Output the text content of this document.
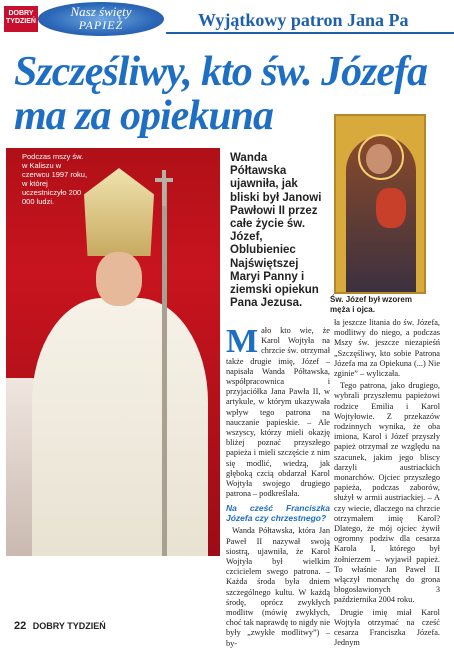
DOBRY
TYDZIEŃ
Nasz święty
PAPIEŻ	Wyjątkowy patron Jana Pa
Szczęśliwy, kto św. Józefa ma za opiekuna
Podczas mszy św. w Kaliszu w czerwcu 1997 roku, w której uczestniczyło 200 000 ludzi.
Wanda Półtawska ujawniła, jak bliski był Janowi Pawłowi II przez całe życie św. Józef, Oblubieniec Najświętszej Maryi Panny i ziemski opiekun Pana Jezusa.	Św. Józef był wzorem męża i ojca.

Mało kto wie, że Karol Wojtyła na chrzcie św. otrzymał także drugie imię, Józef – napisała Wanda Półtawska, współpracownica i przyjaciółka Jana Pawła II, w artykule, w którym ukazywała wpływ tego patrona na nauczanie papieskie. – Ale wszyscy, którzy mieli okazję bliżej poznać przyszłego papieża i mieli szczęście z nim się modlić, wiedzą, jak głęboką czcią obdarzał Karol Wojtyła swojego drugiego patrona – podkreślała.

Na cześć Franciszka Józefa czy chrzestnego?

Wanda Półtawska, która Jan Paweł II nazywał swoją siostrą, ujawniła, że Karol Wojtyła był wielkim czcicielem swego patrona. – Każda środa była dniem szczególnego kultu. W każdą środę, oprócz zwykłych modlitw (mówię zwykłych, choć tak naprawdę to nigdy nie były „zwykłe modlitwy”) – by-

ła jeszcze litania do św. Józefa, modlitwy do niego, a podczas Mszy św. jeszcze niezapieśń „Szczęśliwy, kto sobie Patrona Józefa ma za Opiekuna (...) Nie zginie” – wyliczała.

Tego patrona, jako drugiego, wybrali przyszłemu papieżowi rodzice Emilia i Karol Wojtyłowie. Z przekazów rodzinnych wynika, że oba imiona, Karol i Józef przyszły papież otrzymał ze względu na szacunek, jakim jego bliscy darzyli austriackich monarchów. Ojciec przyszłego papieża, podczas zaborów, służył w armii austriackiej. – A czy wiecie, dlaczego na chrzcie otrzymałem imię Karol? Dlatego, że mój ojciec żywił ogromny podziw dla cesarza Karola I, którego był żołnierzem – wyjawił papież. To właśnie Jan Paweł II włączył monarchę do grona błogosławionych 3 października 2004 roku.

Drugie imię miał Karol Wojtyła otrzymać na cześć cesarza Franciszka Józefa. Jednym

22 DOBRY TYDZIEŃ
